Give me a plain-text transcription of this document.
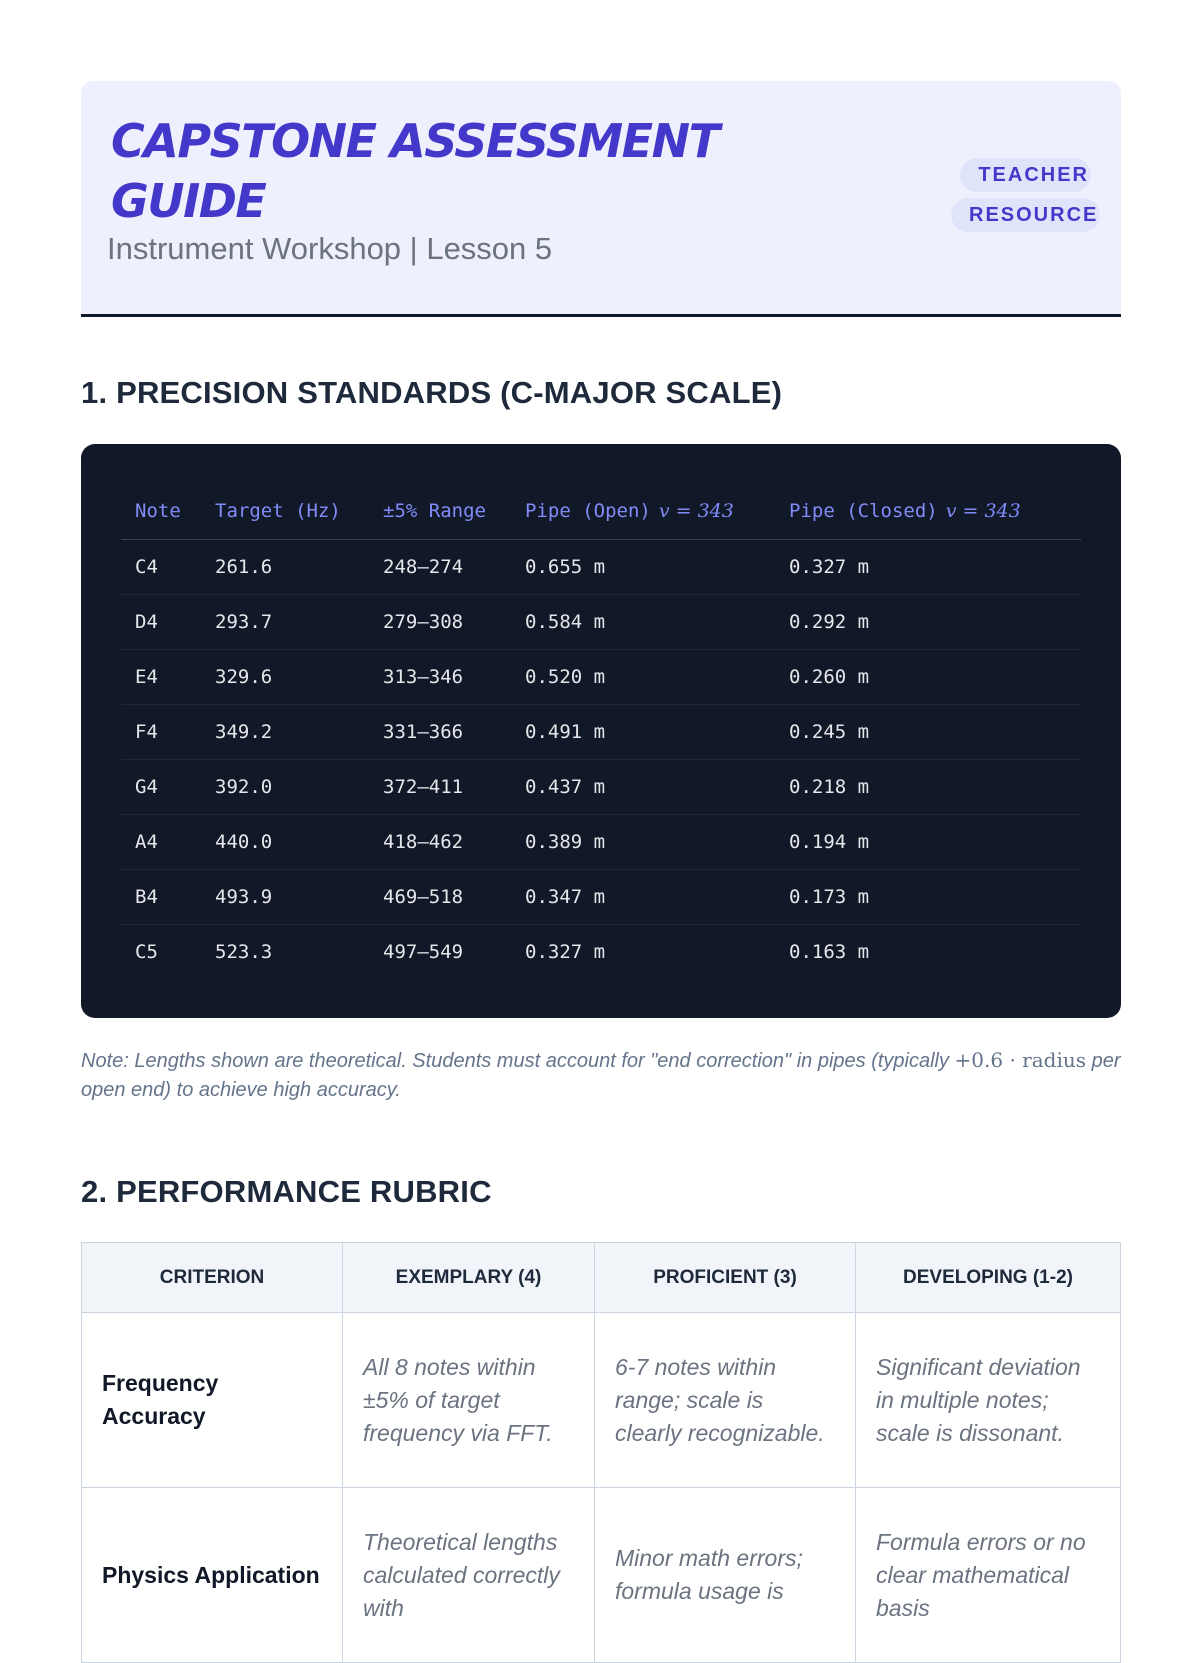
CAPSTONE ASSESSMENT GUIDE
Instrument Workshop | Lesson 5
TEACHER RESOURCE
1. PRECISION STANDARDS (C-MAJOR SCALE)
Note	Target (Hz)	±5% Range	Pipe (Open) v = 343	Pipe (Closed) v = 343
C4	261.6	248–274	0.655 m	0.327 m
D4	293.7	279–308	0.584 m	0.292 m
E4	329.6	313–346	0.520 m	0.260 m
F4	349.2	331–366	0.491 m	0.245 m
G4	392.0	372–411	0.437 m	0.218 m
A4	440.0	418–462	0.389 m	0.194 m
B4	493.9	469–518	0.347 m	0.173 m
C5	523.3	497–549	0.327 m	0.163 m
Note: Lengths shown are theoretical. Students must account for "end correction" in pipes (typically +0.6 · radius per open end) to achieve high accuracy.
2. PERFORMANCE RUBRIC
CRITERION	EXEMPLARY (4)	PROFICIENT (3)	DEVELOPING (1-2)
Frequency Accuracy	All 8 notes within ±5% of target frequency via FFT.	6-7 notes within range; scale is clearly recognizable.	Significant deviation in multiple notes; scale is dissonant.
Physics Application	Theoretical lengths calculated correctly with	Minor math errors; formula usage is	Formula errors or no clear mathematical basis
